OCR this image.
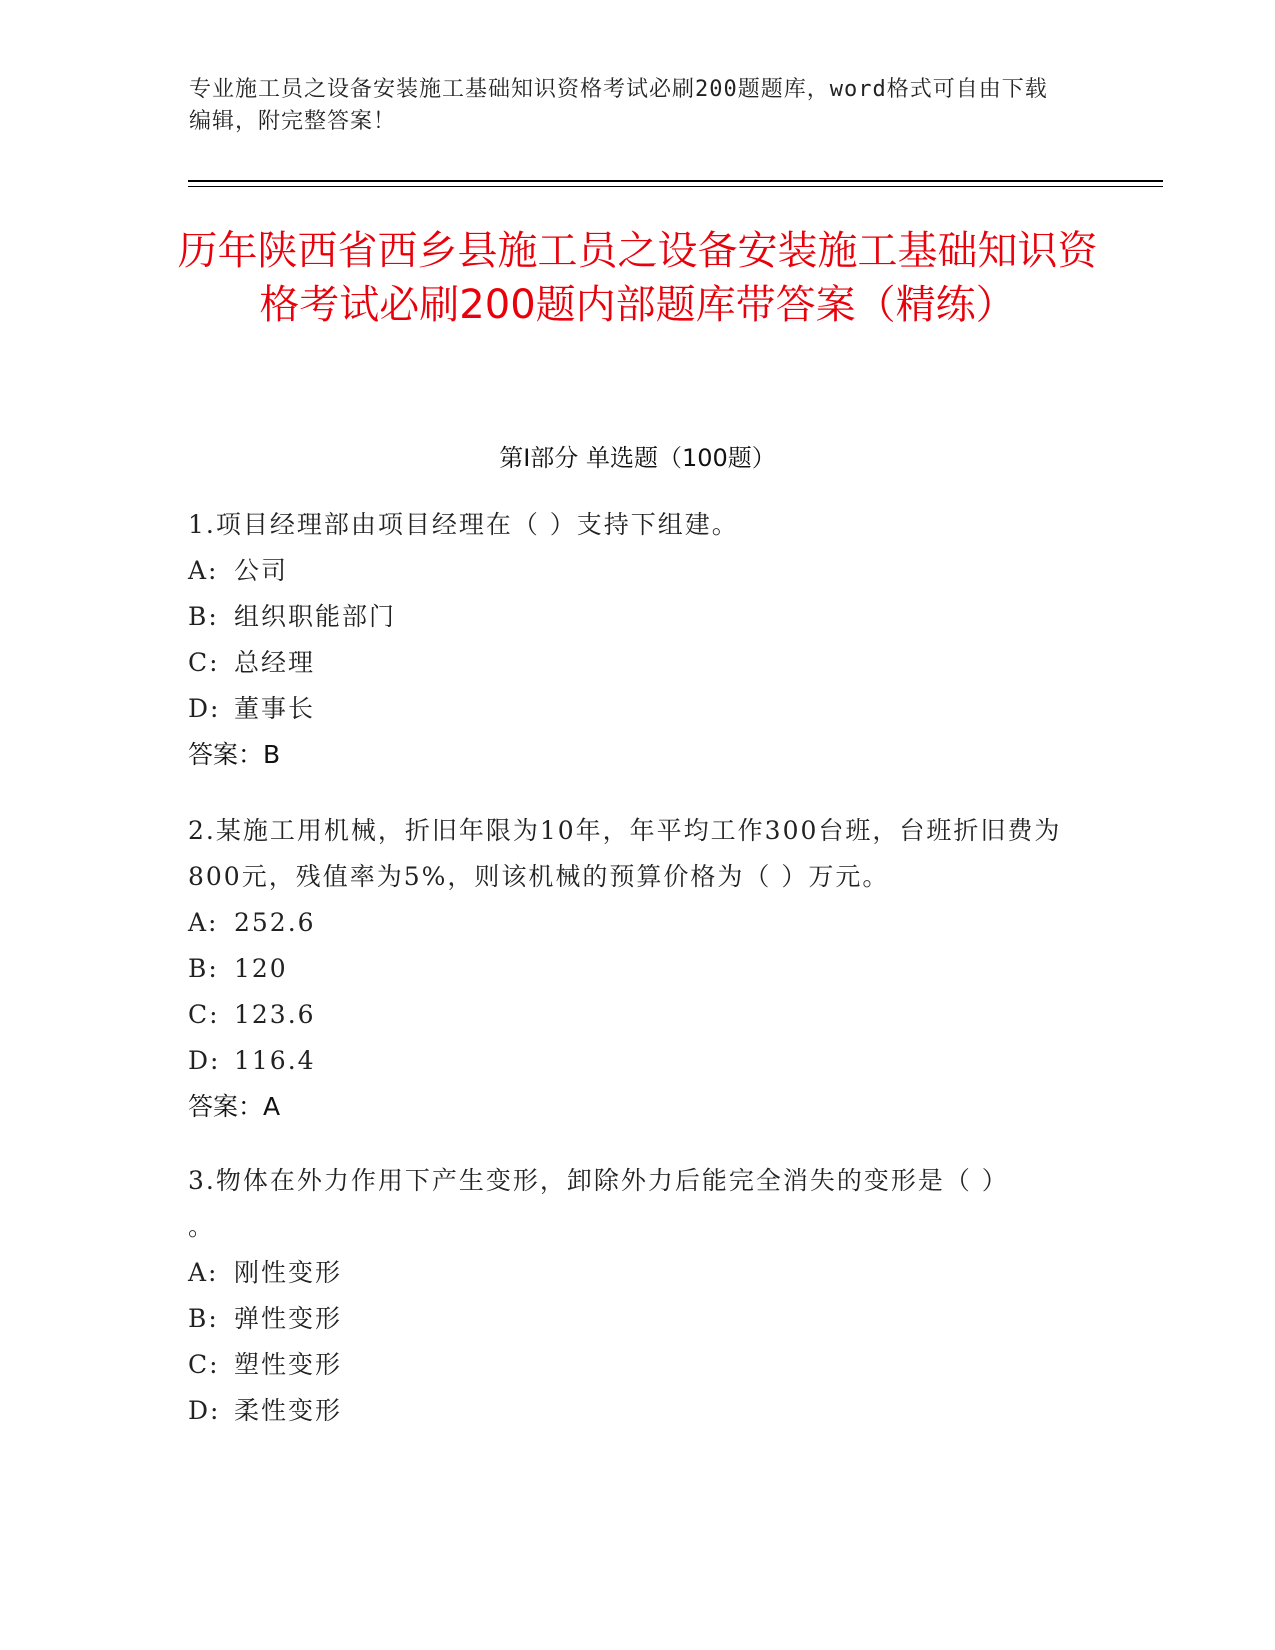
专业施工员之设备安装施工基础知识资格考试必刷200题题库，word格式可自由下载编辑，附完整答案！
历年陕西省西乡县施工员之设备安装施工基础知识资格考试必刷200题内部题库带答案（精练）
第I部分 单选题（100题）
1.项目经理部由项目经理在（ ）支持下组建。
A: 公司
B: 组织职能部门
C: 总经理
D: 董事长
答案：B
2.某施工用机械，折旧年限为10年，年平均工作300台班，台班折旧费为800元，残值率为5%，则该机械的预算价格为（ ）万元。
A: 252.6
B: 120
C: 123.6
D: 116.4
答案：A
3.物体在外力作用下产生变形，卸除外力后能完全消失的变形是（ ）
。
A: 刚性变形
B: 弹性变形
C: 塑性变形
D: 柔性变形
